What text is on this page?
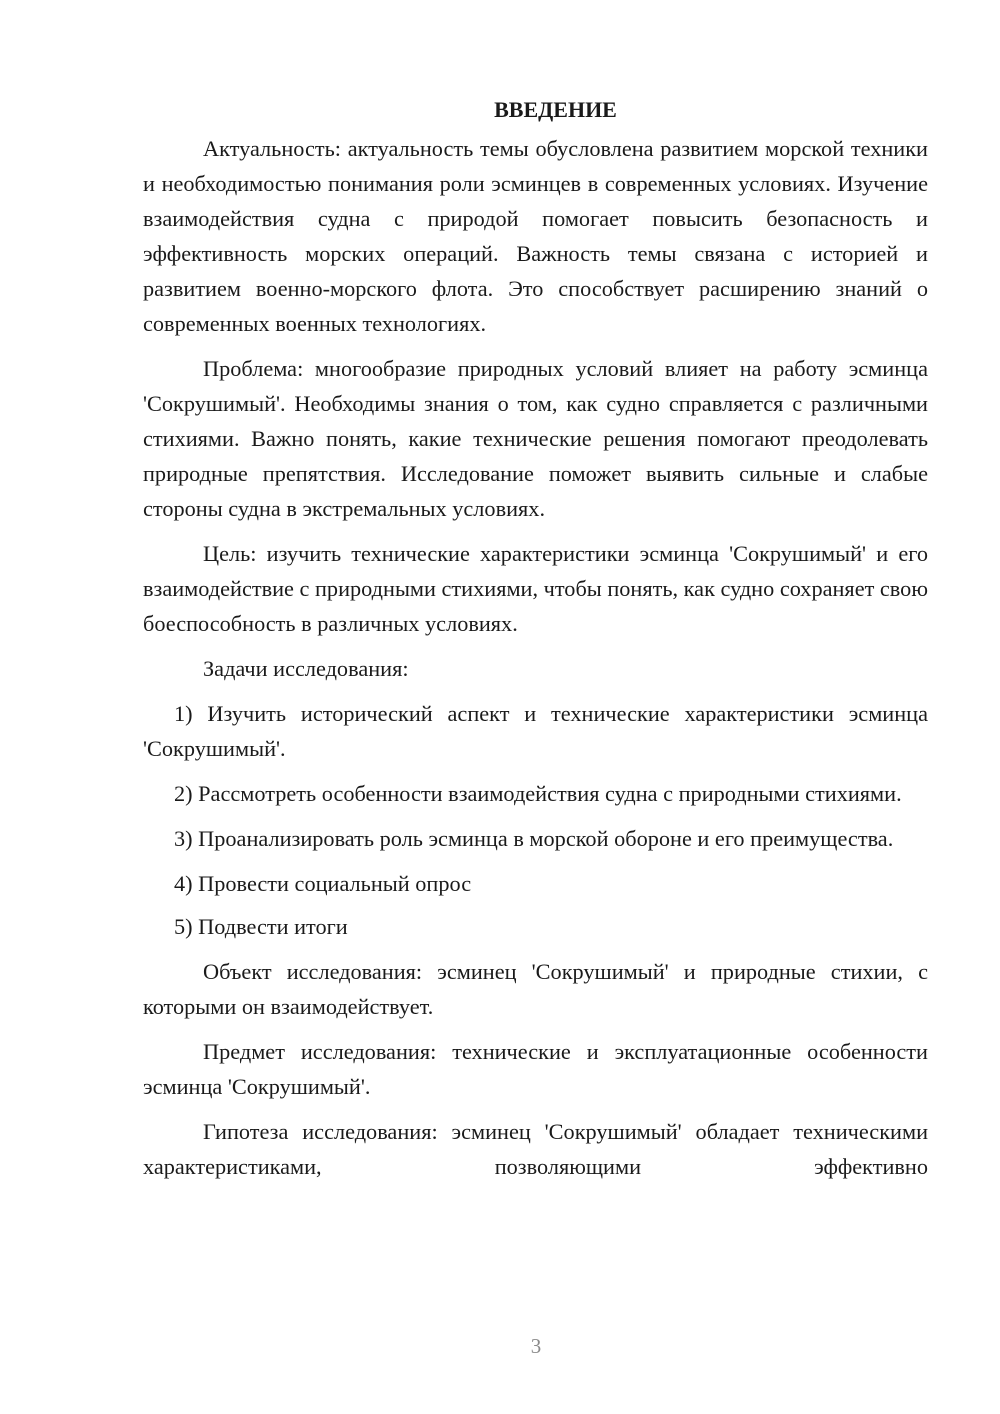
ВВЕДЕНИЕ

Актуальность: актуальность темы обусловлена развитием морской техники и необходимостью понимания роли эсминцев в современных условиях. Изучение взаимодействия судна с природой помогает повысить безопасность и эффективность морских операций. Важность темы связана с историей и развитием военно-морского флота. Это способствует расширению знаний о современных военных технологиях.

Проблема: многообразие природных условий влияет на работу эсминца 'Сокрушимый'. Необходимы знания о том, как судно справляется с различными стихиями. Важно понять, какие технические решения помогают преодолевать природные препятствия. Исследование поможет выявить сильные и слабые стороны судна в экстремальных условиях.

Цель: изучить технические характеристики эсминца 'Сокрушимый' и его взаимодействие с природными стихиями, чтобы понять, как судно сохраняет свою боеспособность в различных условиях.

Задачи исследования:

1) Изучить исторический аспект и технические характеристики эсминца 'Сокрушимый'.

2) Рассмотреть особенности взаимодействия судна с природными стихиями.

3) Проанализировать роль эсминца в морской обороне и его преимущества.

4) Провести социальный опрос

5) Подвести итоги

Объект исследования: эсминец 'Сокрушимый' и природные стихии, с которыми он взаимодействует.

Предмет исследования: технические и эксплуатационные особенности эсминца 'Сокрушимый'.

Гипотеза исследования: эсминец 'Сокрушимый' обладает техническими характеристиками, позволяющими эффективно

3
